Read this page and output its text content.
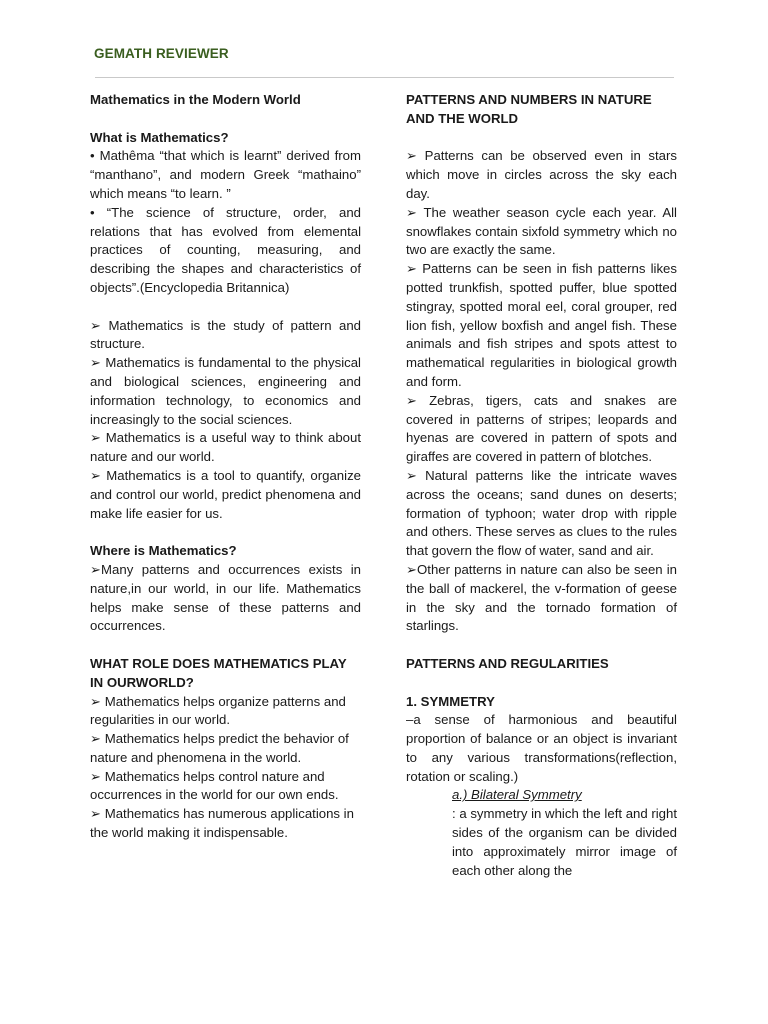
GEMATH REVIEWER

Mathematics in the Modern World

What is Mathematics?

• Mathêma “that which is learnt” derived from “manthano”, and modern Greek “mathaino” which means “to learn. ”

• “The science of structure, order, and relations that has evolved from elemental practices of counting, measuring, and describing the shapes and characteristics of objects”.(Encyclopedia Britannica)

➢ Mathematics is the study of pattern and structure.

➢ Mathematics is fundamental to the physical and biological sciences, engineering and information technology, to economics and increasingly to the social sciences.

➢ Mathematics is a useful way to think about nature and our world.

➢ Mathematics is a tool to quantify, organize and control our world, predict phenomena and make life easier for us.

Where is Mathematics?

➢Many patterns and occurrences exists in nature,in our world, in our life. Mathematics helps make sense of these patterns and occurrences.

WHAT ROLE DOES MATHEMATICS PLAY IN OURWORLD?

➢ Mathematics helps organize patterns and regularities in our world.

➢ Mathematics helps predict the behavior of nature and phenomena in the world.

➢ Mathematics helps control nature and occurrences in the world for our own ends.

➢ Mathematics has numerous applications in the world making it indispensable.

PATTERNS AND NUMBERS IN NATURE AND THE WORLD

➢ Patterns can be observed even in stars which move in circles across the sky each day.

➢ The weather season cycle each year. All snowflakes contain sixfold symmetry which no two are exactly the same.

➢ Patterns can be seen in fish patterns likes potted trunkfish, spotted puffer, blue spotted stingray, spotted moral eel, coral grouper, red lion fish, yellow boxfish and angel fish. These animals and fish stripes and spots attest to mathematical regularities in biological growth and form.

➢ Zebras, tigers, cats and snakes are covered in patterns of stripes; leopards and hyenas are covered in pattern of spots and giraffes are covered in pattern of blotches.

➢ Natural patterns like the intricate waves across the oceans; sand dunes on deserts; formation of typhoon; water drop with ripple and others. These serves as clues to the rules that govern the flow of water, sand and air.

➢Other patterns in nature can also be seen in the ball of mackerel, the v-formation of geese in the sky and the tornado formation of starlings.

PATTERNS AND REGULARITIES

1. SYMMETRY

–a sense of harmonious and beautiful proportion of balance or an object is invariant to any various transformations(reflection, rotation or scaling.)

a.) Bilateral Symmetry

: a symmetry in which the left and right sides of the organism can be divided into approximately mirror image of each other along the
